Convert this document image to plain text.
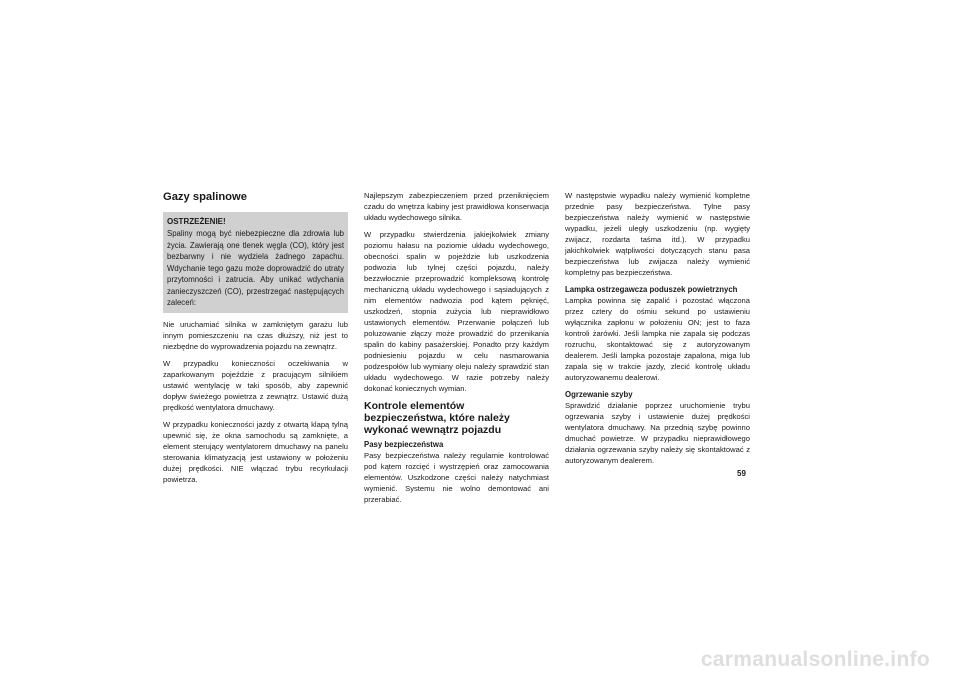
Gazy spalinowe
OSTRZEŻENIE!

Spaliny mogą być niebezpieczne dla zdrowia lub życia. Zawierają one tlenek węgla (CO), który jest bezbarwny i nie wydziela żadnego zapachu. Wdychanie tego gazu może doprowadzić do utraty przytomności i zatrucia. Aby unikać wdychania zanieczyszczeń (CO), przestrzegać następujących zaleceń:

Nie uruchamiać silnika w zamkniętym garażu lub innym pomieszczeniu na czas dłuższy, niż jest to niezbędne do wyprowadzenia pojazdu na zewnątrz.

W przypadku konieczności oczekiwania w zaparkowanym pojeździe z pracującym silnikiem ustawić wentylację w taki sposób, aby zapewnić dopływ świeżego powietrza z zewnątrz. Ustawić dużą prędkość wentylatora dmuchawy.

W przypadku konieczności jazdy z otwartą klapą tylną upewnić się, że okna samochodu są zamknięte, a element sterujący wentylatorem dmuchawy na panelu sterowania klimatyzacją jest ustawiony w położeniu dużej prędkości. NIE włączać trybu recyrkulacji powietrza.

Najlepszym zabezpieczeniem przed przeniknięciem czadu do wnętrza kabiny jest prawidłowa konserwacja układu wydechowego silnika.

W przypadku stwierdzenia jakiejkolwiek zmiany poziomu hałasu na poziomie układu wydechowego, obecności spalin w pojeździe lub uszkodzenia podwozia lub tylnej części pojazdu, należy bezzwłocznie przeprowadzić kompleksową kontrolę mechaniczną układu wydechowego i sąsiadujących z nim elementów nadwozia pod kątem pęknięć, uszkodzeń, stopnia zużycia lub nieprawidłowo ustawionych elementów. Przerwanie połączeń lub poluzowanie złączy może prowadzić do przenikania spalin do kabiny pasażerskiej. Ponadto przy każdym podniesieniu pojazdu w celu nasmarowania podzespołów lub wymiany oleju należy sprawdzić stan układu wydechowego. W razie potrzeby należy dokonać koniecznych wymian.

Kontrole elementów bezpieczeństwa, które należy wykonać wewnątrz pojazdu
Pasy bezpieczeństwa

Pasy bezpieczeństwa należy regularnie kontrolować pod kątem rozcięć i wystrzępień oraz zamocowania elementów. Uszkodzone części należy natychmiast wymienić. Systemu nie wolno demontować ani przerabiać.

W następstwie wypadku należy wymienić kompletne przednie pasy bezpieczeństwa. Tylne pasy bezpieczeństwa należy wymienić w następstwie wypadku, jeżeli uległy uszkodzeniu (np. wygięty zwijacz, rozdarta taśma itd.). W przypadku jakichkolwiek wątpliwości dotyczących stanu pasa bezpieczeństwa lub zwijacza należy wymienić kompletny pas bezpieczeństwa.

Lampka ostrzegawcza poduszek powietrznych

Lampka powinna się zapalić i pozostać włączona przez cztery do ośmiu sekund po ustawieniu wyłącznika zapłonu w położeniu ON; jest to faza kontroli żarówki. Jeśli lampka nie zapala się podczas rozruchu, skontaktować się z autoryzowanym dealerem. Jeśli lampka pozostaje zapalona, miga lub zapala się w trakcie jazdy, zlecić kontrolę układu autoryzowanemu dealerowi.

Ogrzewanie szyby

Sprawdzić działanie poprzez uruchomienie trybu ogrzewania szyby i ustawienie dużej prędkości wentylatora dmuchawy. Na przednią szybę powinno dmuchać powietrze. W przypadku nieprawidłowego działania ogrzewania szyby należy się skontaktować z autoryzowanym dealerem.

59
carmanualsonline.info
